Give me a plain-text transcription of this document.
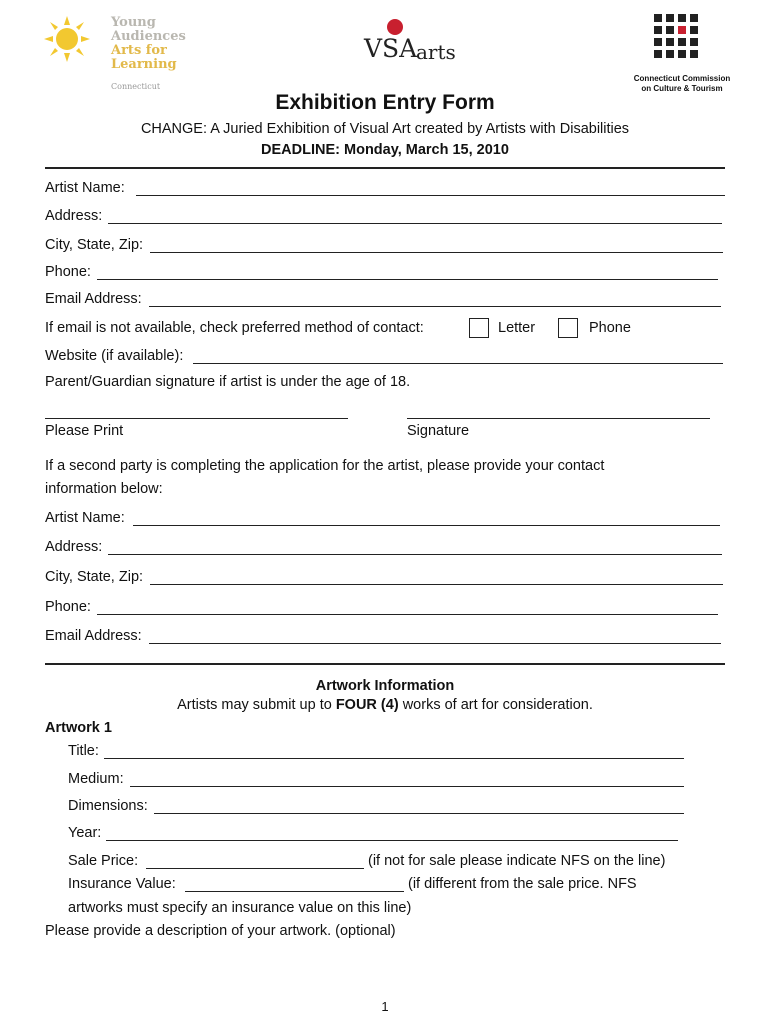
Young
Audiences
Arts for
Learning
Connecticut
VSA
arts
Connecticut Commission
on Culture & Tourism
Exhibition Entry Form
CHANGE: A Juried Exhibition of Visual Art created by Artists with Disabilities
DEADLINE: Monday, March 15, 2010
Artist Name:
Address:
City, State, Zip:
Phone:
Email Address:
If email is not available, check preferred method of contact:	Letter	Phone
Website (if available):
Parent/Guardian signature if artist is under the age of 18.
Please Print	Signature
If a second party is completing the application for the artist, please provide your contact
information below:
Artist Name:
Address:
City, State, Zip:
Phone:
Email Address:
Artwork Information
Artists may submit up to FOUR (4) works of art for consideration.
Artwork 1
Title:
Medium:
Dimensions:
Year:
Sale Price:	(if not for sale please indicate NFS on the line)
Insurance Value:	(if different from the sale price. NFS
artworks must specify an insurance value on this line)
Please provide a description of your artwork. (optional)
1
